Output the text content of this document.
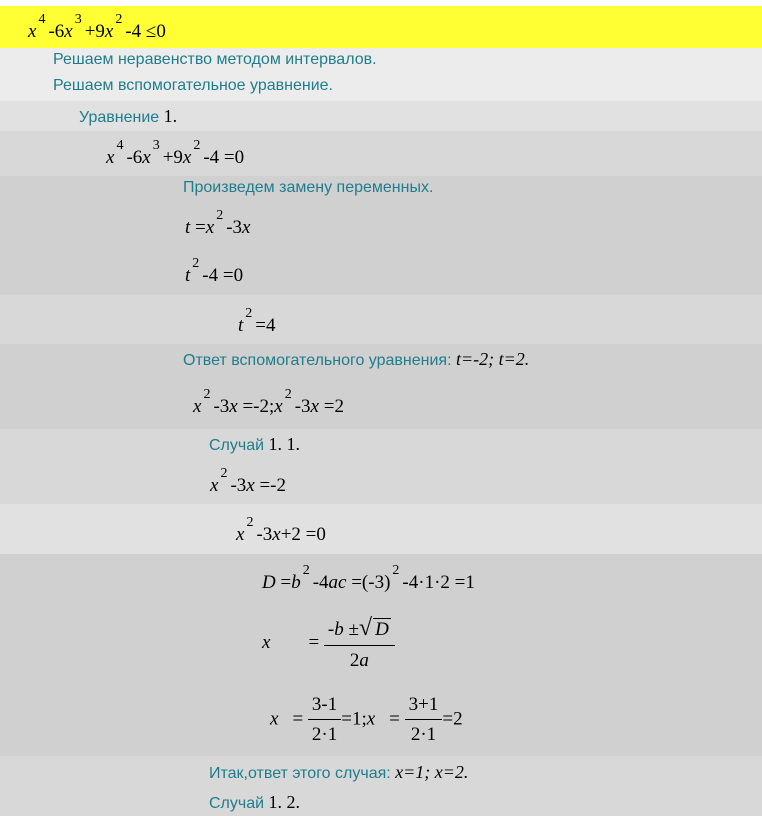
$x^4-6x^3+9x^2-4 \le 0$
Решаем неравенство методом интервалов.
Решаем вспомогательное уравнение.
Уравнение 1.
$x^4-6x^3+9x^2-4 =0$
Произведем замену переменных.
$t =x^2-3x$
$t^2-4 =0$
$t^2=4$
Ответ вспомогательного уравнения: t=-2; t=2.
$x^2-3x$ $=-2;x^2-3x =2$
Случай 1. 1.
$x^2-3x =-2$
$x^2-3x+2 =0$
$D =b^2-4ac =(-3)^2-4\cdot 1\cdot 2 =1$
$x = \frac{-b \pm√ D}{2a}$
$x = \frac{3-1}{2\cdot 1}$ =1;x = $\frac{3+1}{2\cdot 1} =2$
Итак,ответ этого случая: x=1; x=2.
Случай 1. 2.
